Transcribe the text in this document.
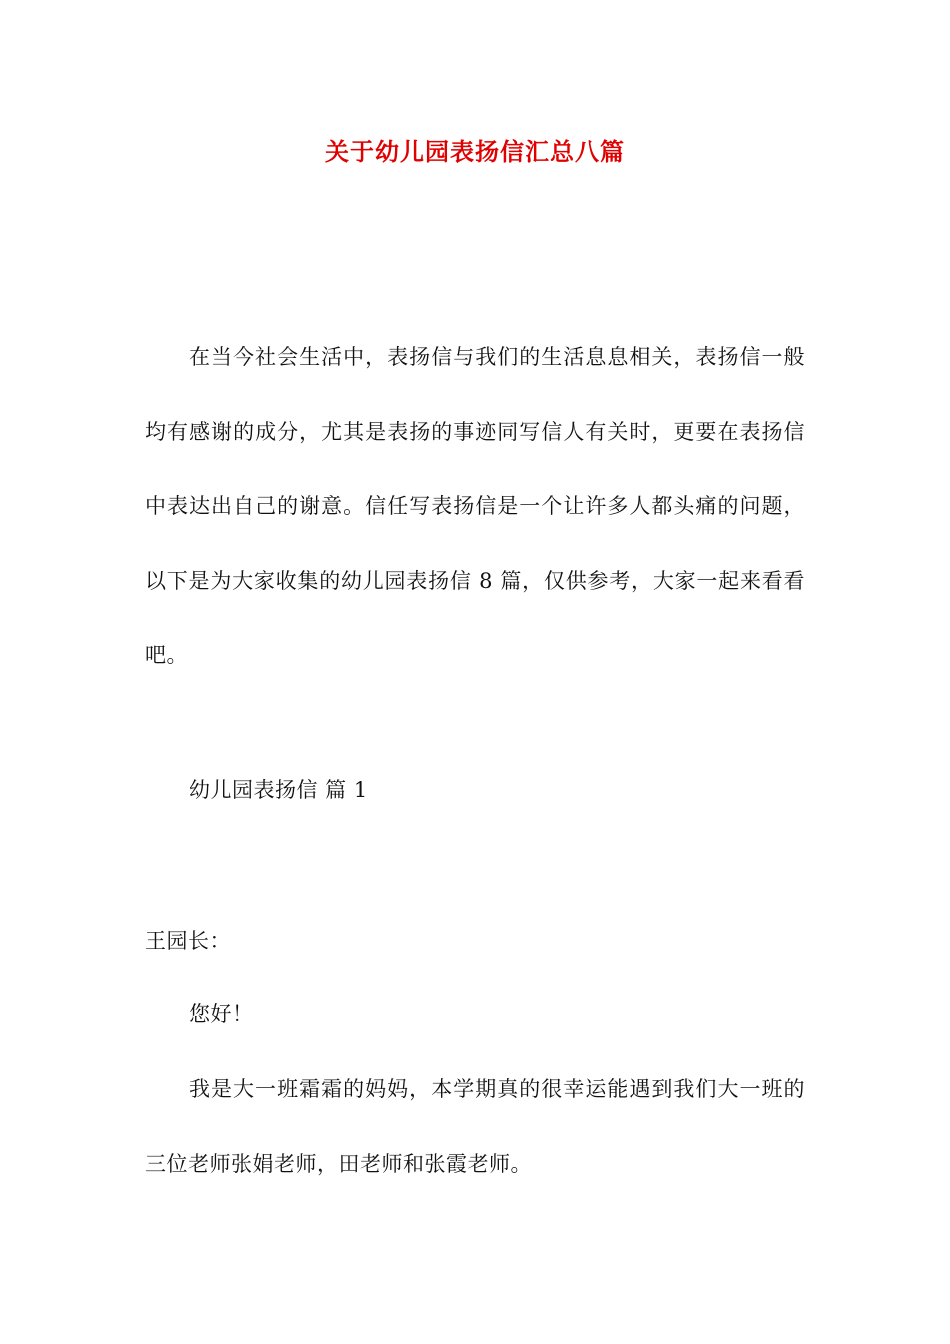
关于幼儿园表扬信汇总八篇

在当今社会生活中，表扬信与我们的生活息息相关，表扬信一般均有感谢的成分，尤其是表扬的事迹同写信人有关时，更要在表扬信中表达出自己的谢意。信任写表扬信是一个让许多人都头痛的问题，以下是为大家收集的幼儿园表扬信 8 篇，仅供参考，大家一起来看看吧。

幼儿园表扬信 篇 1
王园长：
您好！

我是大一班霜霜的妈妈，本学期真的很幸运能遇到我们大一班的三位老师张娟老师，田老师和张霞老师。
